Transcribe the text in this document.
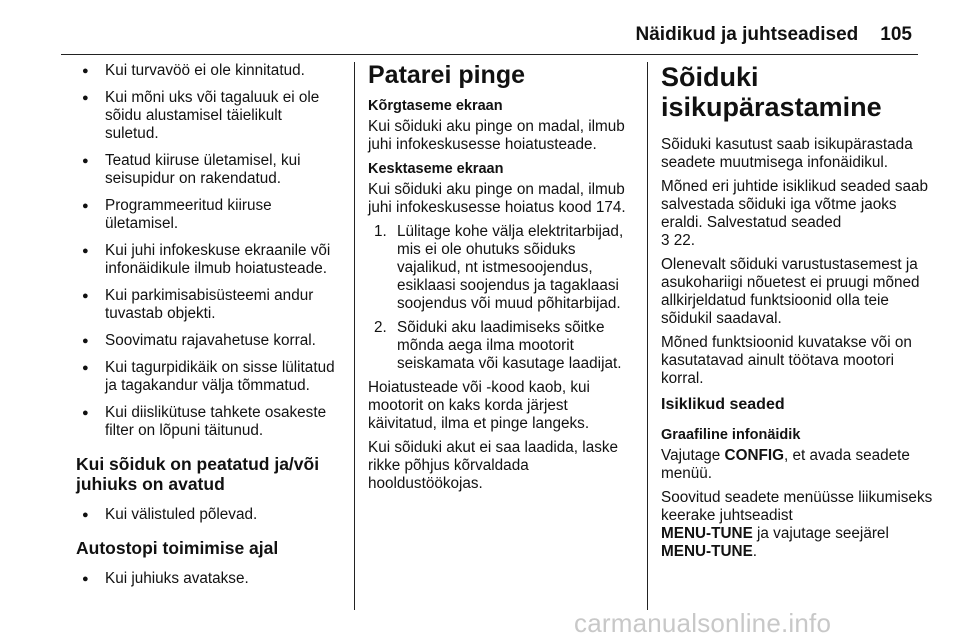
Näidikud ja juhtseadised 105
● Kui turvavöö ei ole kinnitatud.
● Kui mõni uks või tagaluuk ei ole sõidu alustamisel täielikult suletud.
● Teatud kiiruse ületamisel, kui seisupidur on rakendatud.
● Programmeeritud kiiruse ületamisel.
● Kui juhi infokeskuse ekraanile või infonäidikule ilmub hoiatusteade.
● Kui parkimisabisüsteemi andur tuvastab objekti.
● Soovimatu rajavahetuse korral.
● Kui tagurpidikäik on sisse lülitatud ja tagakandur välja tõmmatud.
● Kui diislikütuse tahkete osakeste filter on lõpuni täitunud.
Kui sõiduk on peatatud ja/või juhiuks on avatud
● Kui välistuled põlevad.
Autostopi toimimise ajal
● Kui juhiuks avatakse.
Patarei pinge
Kõrgtaseme ekraan

Kui sõiduki aku pinge on madal, ilmub juhi infokeskusesse hoiatusteade.

Kesktaseme ekraan

Kui sõiduki aku pinge on madal, ilmub juhi infokeskusesse hoiatus kood 174.

1. Lülitage kohe välja elektritarbijad, mis ei ole ohutuks sõiduks vajalikud, nt istmesoojendus, esiklaasi soojendus ja tagaklaasi soojendus või muud põhitarbijad.
2. Sõiduki aku laadimiseks sõitke mõnda aega ilma mootorit seiskamata või kasutage laadijat.

Hoiatusteade või -kood kaob, kui mootorit on kaks korda järjest käivitatud, ilma et pinge langeks.

Kui sõiduki akut ei saa laadida, laske rikke põhjus kõrvaldada hooldustöökojas.

Sõiduki
isikupärastamine

Sõiduki kasutust saab isikupärastada seadete muutmisega infonäidikul.

Mõned eri juhtide isiklikud seaded saab salvestada sõiduki iga võtme jaoks eraldi. Salvestatud seaded
3 22.

Olenevalt sõiduki varustustasemest ja asukohariigi nõuetest ei pruugi mõned allkirjeldatud funktsioonid olla teie sõidukil saadaval.

Mõned funktsioonid kuvatakse või on kasutatavad ainult töötava mootori korral.

Isiklikud seaded
Graafiline infonäidik

Vajutage CONFIG, et avada seadete menüü.

Soovitud seadete menüüsse liikumiseks keerake juhtseadist
MENU-TUNE ja vajutage seejärel
MENU-TUNE.

carmanualsonline.info
